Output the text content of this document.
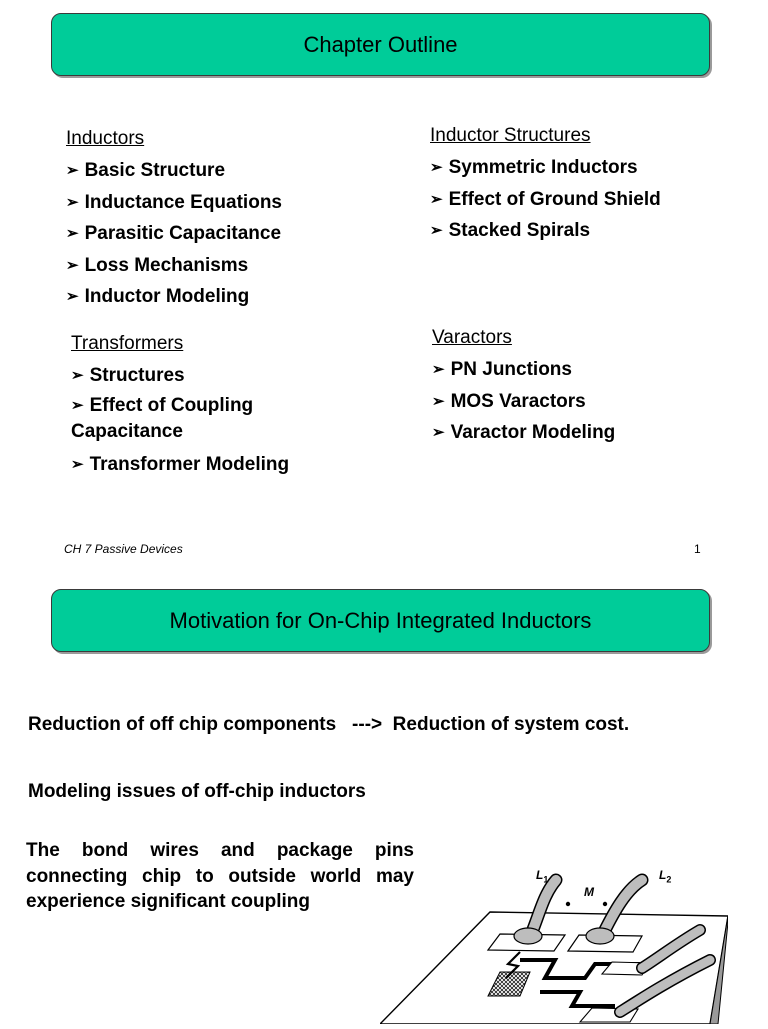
Chapter Outline
Inductors
➢ Basic Structure
➢ Inductance Equations
➢ Parasitic Capacitance
➢ Loss Mechanisms
➢ Inductor Modeling
Inductor Structures
➢ Symmetric Inductors
➢ Effect of Ground Shield
➢ Stacked Spirals
Transformers
➢ Structures
➢ Effect of Coupling Capacitance
➢ Transformer Modeling
Varactors
➢ PN Junctions
➢ MOS Varactors
➢ Varactor Modeling
CH 7 Passive Devices	1
Motivation for On-Chip Integrated Inductors
Reduction of off chip components   --->  Reduction of system cost.
Modeling issues of off-chip inductors
The bond wires and package pins connecting chip to outside world may experience significant coupling
$L_1$
M
$L_2$
